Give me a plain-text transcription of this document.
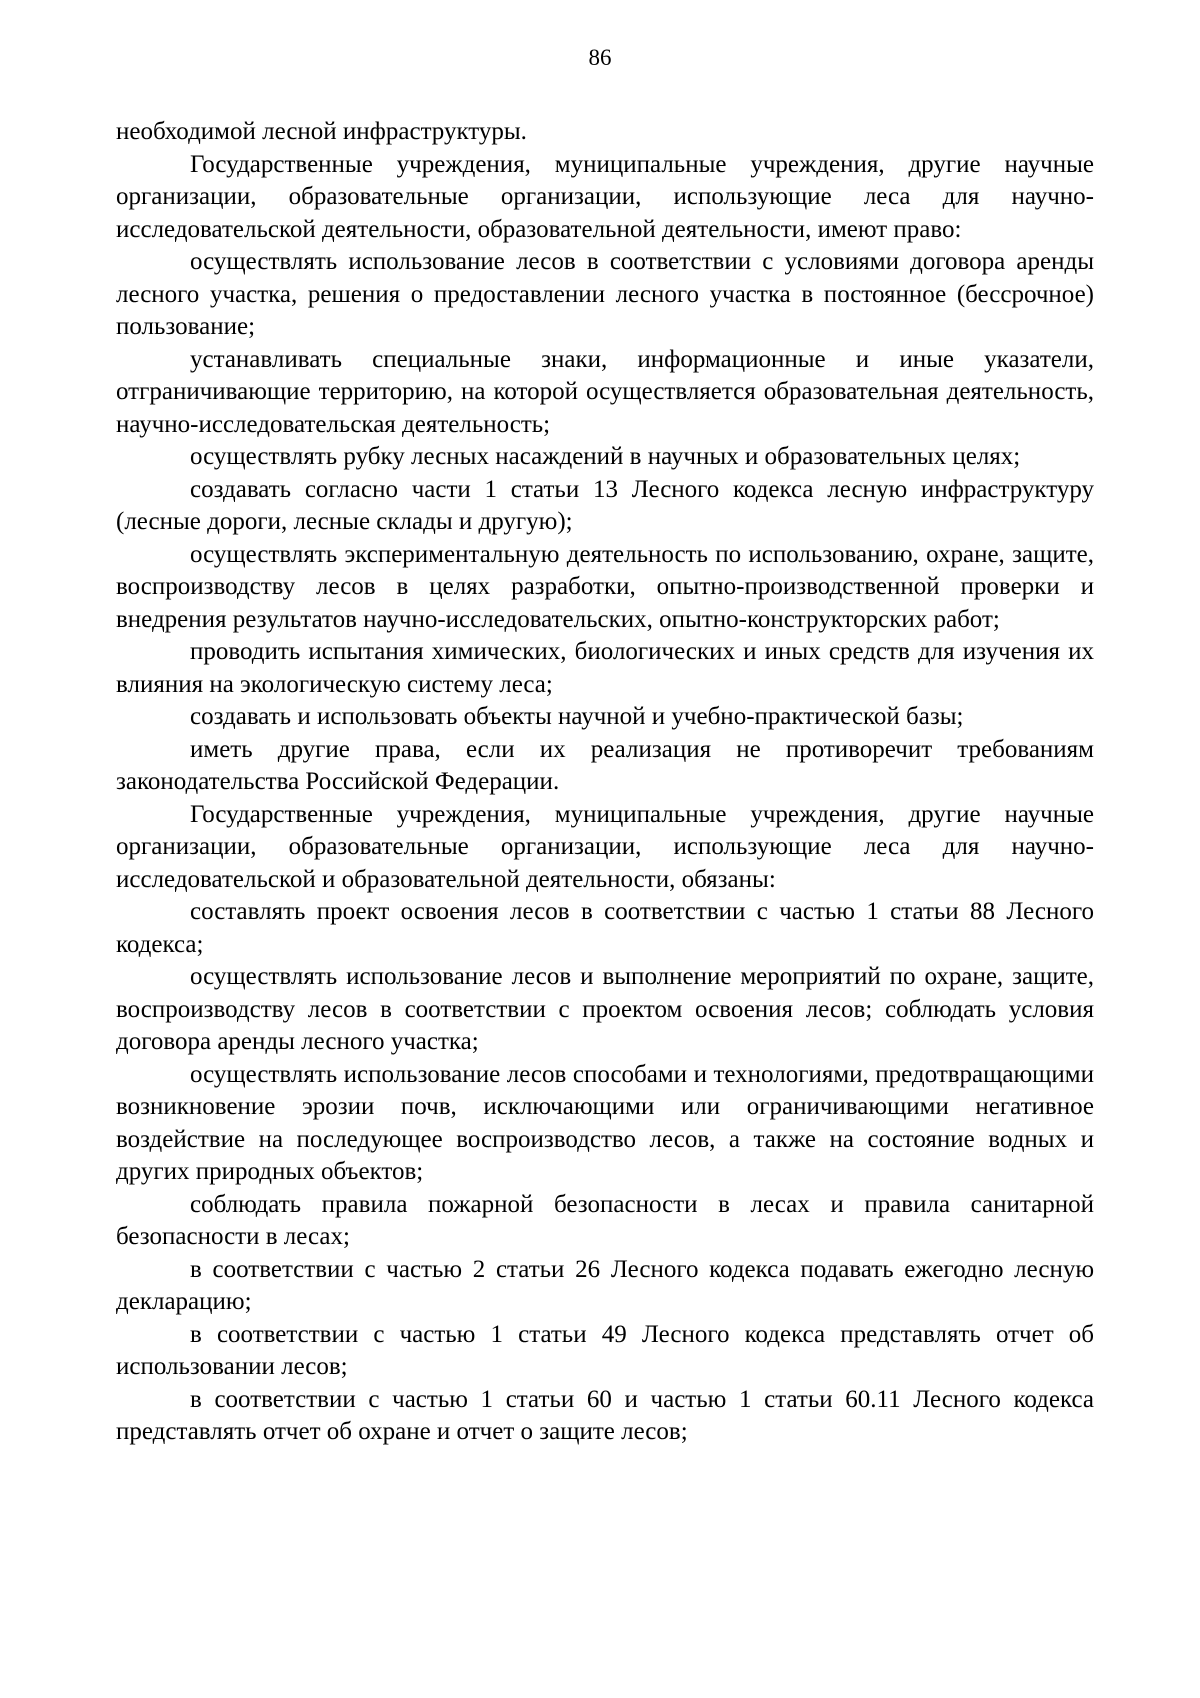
86

необходимой лесной инфраструктуры.

Государственные учреждения, муниципальные учреждения, другие научные организации, образовательные организации, использующие леса для научно-исследовательской деятельности, образовательной деятельности, имеют право:

осуществлять использование лесов в соответствии с условиями договора аренды лесного участка, решения о предоставлении лесного участка в постоянное (бессрочное) пользование;

устанавливать специальные знаки, информационные и иные указатели, отграничивающие территорию, на которой осуществляется образовательная деятельность, научно-исследовательская деятельность;

осуществлять рубку лесных насаждений в научных и образовательных целях;

создавать согласно части 1 статьи 13 Лесного кодекса лесную инфраструктуру (лесные дороги, лесные склады и другую);

осуществлять экспериментальную деятельность по использованию, охране, защите, воспроизводству лесов в целях разработки, опытно-производственной проверки и внедрения результатов научно-исследовательских, опытно-конструкторских работ;

проводить испытания химических, биологических и иных средств для изучения их влияния на экологическую систему леса;

создавать и использовать объекты научной и учебно-практической базы;

иметь другие права, если их реализация не противоречит требованиям законодательства Российской Федерации.

Государственные учреждения, муниципальные учреждения, другие научные организации, образовательные организации, использующие леса для научно-исследовательской и образовательной деятельности, обязаны:

составлять проект освоения лесов в соответствии с частью 1 статьи 88 Лесного кодекса;

осуществлять использование лесов и выполнение мероприятий по охране, защите, воспроизводству лесов в соответствии с проектом освоения лесов; соблюдать условия договора аренды лесного участка;

осуществлять использование лесов способами и технологиями, предотвращающими возникновение эрозии почв, исключающими или ограничивающими негативное воздействие на последующее воспроизводство лесов, а также на состояние водных и других природных объектов;

соблюдать правила пожарной безопасности в лесах и правила санитарной безопасности в лесах;

в соответствии с частью 2 статьи 26 Лесного кодекса подавать ежегодно лесную декларацию;

в соответствии с частью 1 статьи 49 Лесного кодекса представлять отчет об использовании лесов;

в соответствии с частью 1 статьи 60 и частью 1 статьи 60.11 Лесного кодекса представлять отчет об охране и отчет о защите лесов;
